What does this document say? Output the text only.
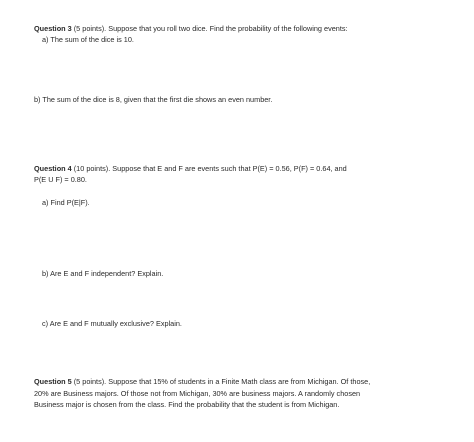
Question 3 (5 points). Suppose that you roll two dice. Find the probability of the following events:
a) The sum of the dice is 10.
b) The sum of the dice is 8, given that the first die shows an even number.
Question 4 (10 points). Suppose that E and F are events such that P(E) = 0.56, P(F) = 0.64, and
P(E U F) = 0.80.
a) Find P(E|F).
b) Are E and F independent? Explain.
c) Are E and F mutually exclusive? Explain.
Question 5 (5 points). Suppose that 15% of students in a Finite Math class are from Michigan. Of those,
20% are Business majors. Of those not from Michigan, 30% are business majors. A randomly chosen
Business major is chosen from the class. Find the probability that the student is from Michigan.
